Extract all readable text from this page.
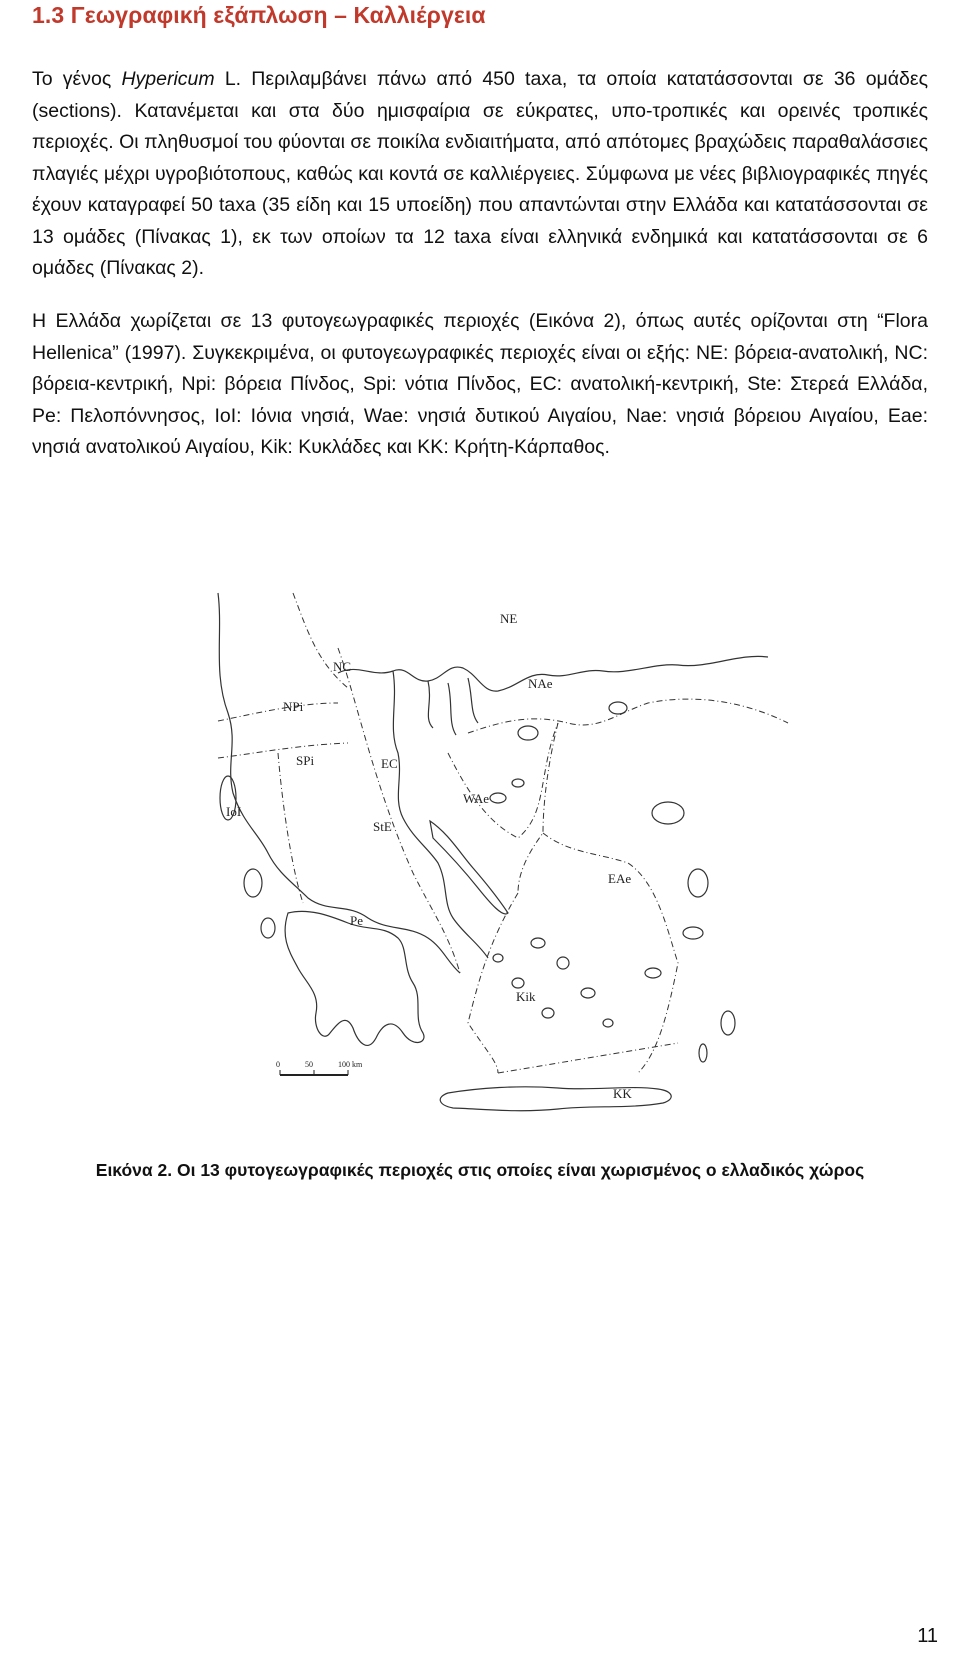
1.3 Γεωγραφική εξάπλωση – Καλλιέργεια

Το γένος Hypericum L. Περιλαμβάνει πάνω από 450 taxa, τα οποία κατατάσσονται σε 36 ομάδες (sections). Κατανέμεται και στα δύο ημισφαίρια σε εύκρατες, υπο-τροπικές και ορεινές τροπικές περιοχές. Οι πληθυσμοί του φύονται σε ποικίλα ενδιαιτήματα, από απότομες βραχώδεις παραθαλάσσιες πλαγιές μέχρι υγροβιότοπους, καθώς και κοντά σε καλλιέργειες. Σύμφωνα με νέες βιβλιογραφικές πηγές έχουν καταγραφεί 50 taxa (35 είδη και 15 υποείδη) που απαντώνται στην Ελλάδα και κατατάσσονται σε 13 ομάδες (Πίνακας 1), εκ των οποίων τα 12 taxa είναι ελληνικά ενδημικά και κατατάσσονται σε 6 ομάδες (Πίνακας 2).

Η Ελλάδα χωρίζεται σε 13 φυτογεωγραφικές περιοχές (Εικόνα 2), όπως αυτές ορίζονται στη “Flora Hellenica” (1997). Συγκεκριμένα, οι φυτογεωγραφικές περιοχές είναι οι εξής: NE: βόρεια-ανατολική, NC: βόρεια-κεντρική, Npi: βόρεια Πίνδος, Spi: νότια Πίνδος, EC: ανατολική-κεντρική, Ste: Στερεά Ελλάδα, Pe: Πελοπόννησος, IoI: Ιόνια νησιά, Wae: νησιά δυτικού Αιγαίου, Nae: νησιά βόρειου Αιγαίου, Eae: νησιά ανατολικού Αιγαίου, Kik: Κυκλάδες και KK: Κρήτη-Κάρπαθος.

NE
NC
NAe
NPi
SPi	EC
WAe
IoI
StE
EAe
Pe
Kik
KK
0	50	100 km

Εικόνα 2. Οι 13 φυτογεωγραφικές περιοχές στις οποίες είναι χωρισμένος ο ελλαδικός χώρος

11
